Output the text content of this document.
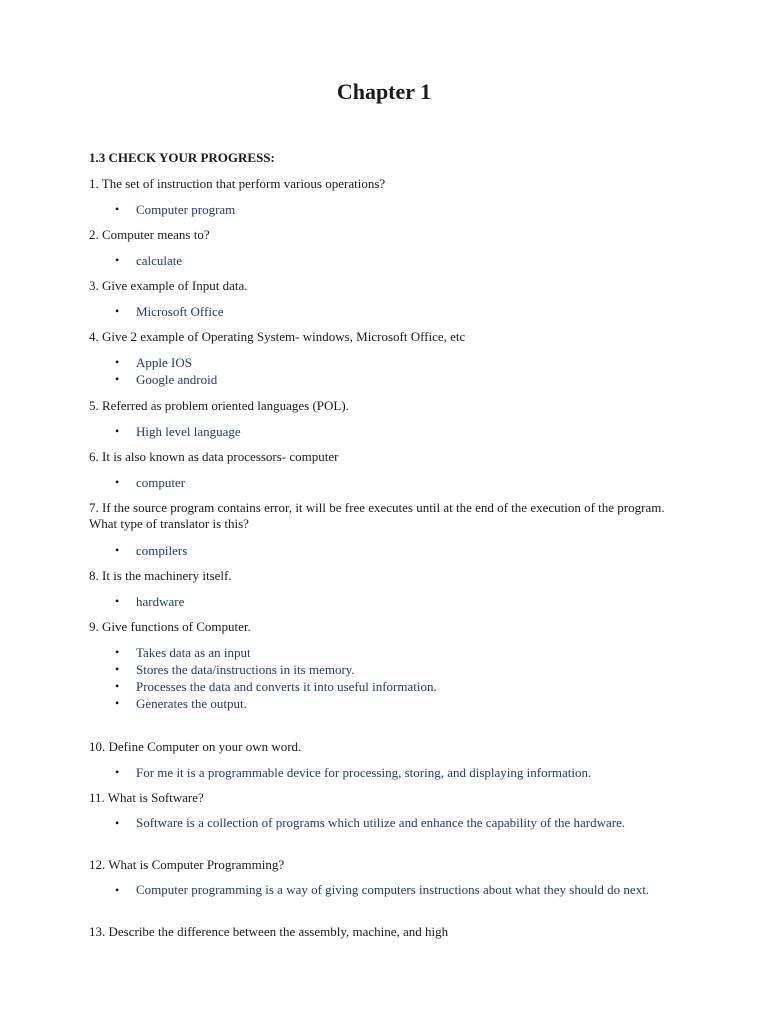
Chapter 1
1.3 CHECK YOUR PROGRESS:
1. The set of instruction that perform various operations?
• Computer program
2. Computer means to?
• calculate
3. Give example of Input data.
• Microsoft Office
4. Give 2 example of Operating System- windows, Microsoft Office, etc
• Apple IOS
• Google android
5. Referred as problem oriented languages (POL).
• High level language
6. It is also known as data processors- computer
• computer
7. If the source program contains error, it will be free executes until at the end of the execution of the program. What type of translator is this?
• compilers
8. It is the machinery itself.
• hardware
9. Give functions of Computer.
• Takes data as an input
• Stores the data/instructions in its memory.
• Processes the data and converts it into useful information.
• Generates the output.
10. Define Computer on your own word.
• For me it is a programmable device for processing, storing, and displaying information.
11. What is Software?
• Software is a collection of programs which utilize and enhance the capability of the hardware.
12. What is Computer Programming?
• Computer programming is a way of giving computers instructions about what they should do next.
13. Describe the difference between the assembly, machine, and high
